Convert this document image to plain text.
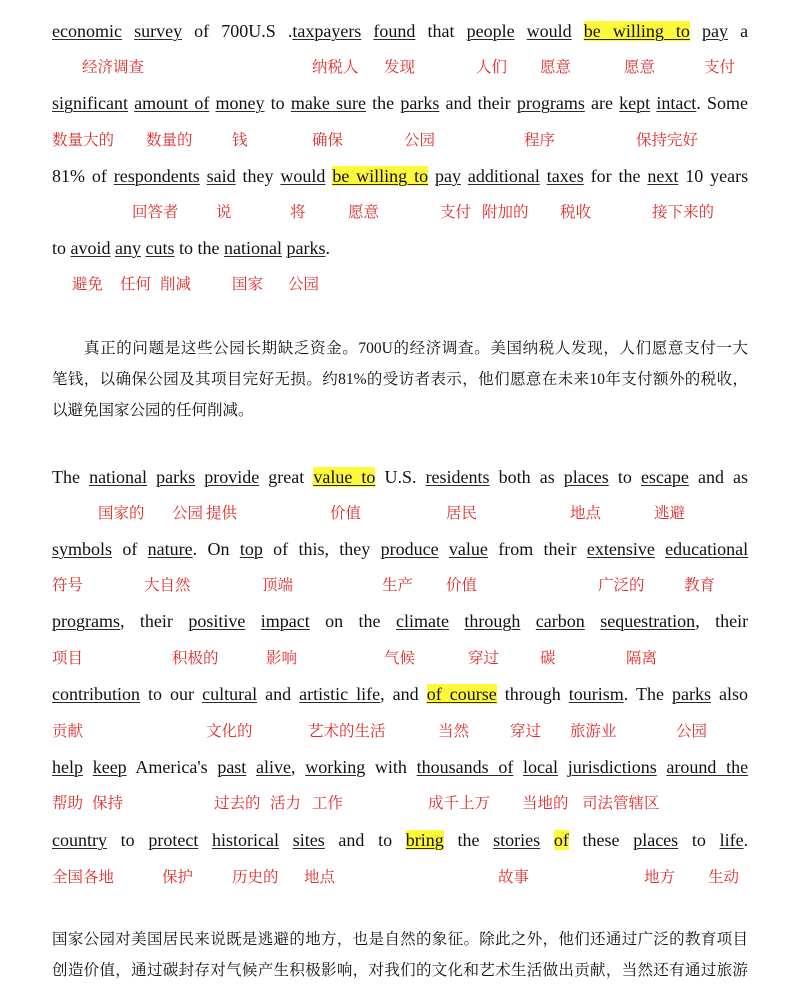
economic survey of 700U.S .taxpayers found that people would be willing to pay a
经济调查	纳税人 发现	人们 愿意	愿意	支付
significant amount of money to make sure the parks and their programs are kept intact. Some
数量大的 数量的	钱	确保	公园	程序	保持完好
81% of respondents said they would be willing to pay additional taxes for the next 10 years
回答者 说	将	愿意	支付 附加的 税收	接下来的
to avoid any cuts to the national parks.
避免 任何 削减	国家 公园
真正的问题是这些公园长期缺乏资金。700U的经济调查。美国纳税人发现，人们愿意支付一大
笔钱，以确保公园及其项目完好无损。约81%的受访者表示，他们愿意在未来10年支付额外的税收，
以避免国家公园的任何削减。
The national parks provide great value to U.S. residents both as places to escape and as
国家的 公园 提供	价值	居民	地点	逃避
symbols of nature. On top of this, they produce value from their extensive educational
符号	大自然	顶端	生产 价值	广泛的	教育
programs, their positive impact on the climate through carbon sequestration, their
项目	积极的	影响	气候	穿过	碳	隔离
contribution to our cultural and artistic life, and of course through tourism. The parks also
贡献	文化的	艺术的生活	当然	穿过 旅游业	公园
help keep America's past alive, working with thousands of local jurisdictions around the
帮助 保持	过去的 活力 工作	成千上万 当地的 司法管辖区
country to protect historical sites and to bring the stories of these places to life.
全国各地	保护	历史的 地点	故事	地方 生动
国家公园对美国居民来说既是逃避的地方，也是自然的象征。除此之外，他们还通过广泛的教育项目
创造价值，通过碳封存对气候产生积极影响，对我们的文化和艺术生活做出贡献，当然还有通过旅游
